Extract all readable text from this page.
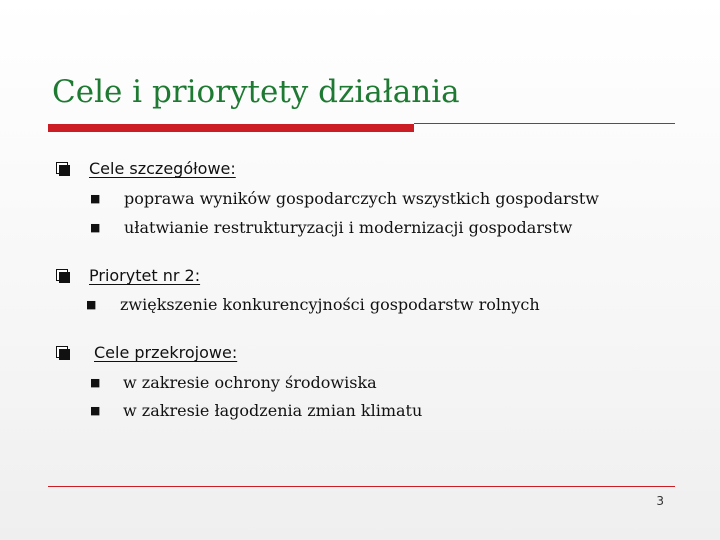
Cele i priorytety działania
Cele szczegółowe:
■ poprawa wyników gospodarczych wszystkich gospodarstw
■ ułatwianie restrukturyzacji i modernizacji gospodarstw
Priorytet nr 2:
■ zwiększenie konkurencyjności gospodarstw rolnych
Cele przekrojowe:
■ w zakresie ochrony środowiska
■ w zakresie łagodzenia zmian klimatu
3
